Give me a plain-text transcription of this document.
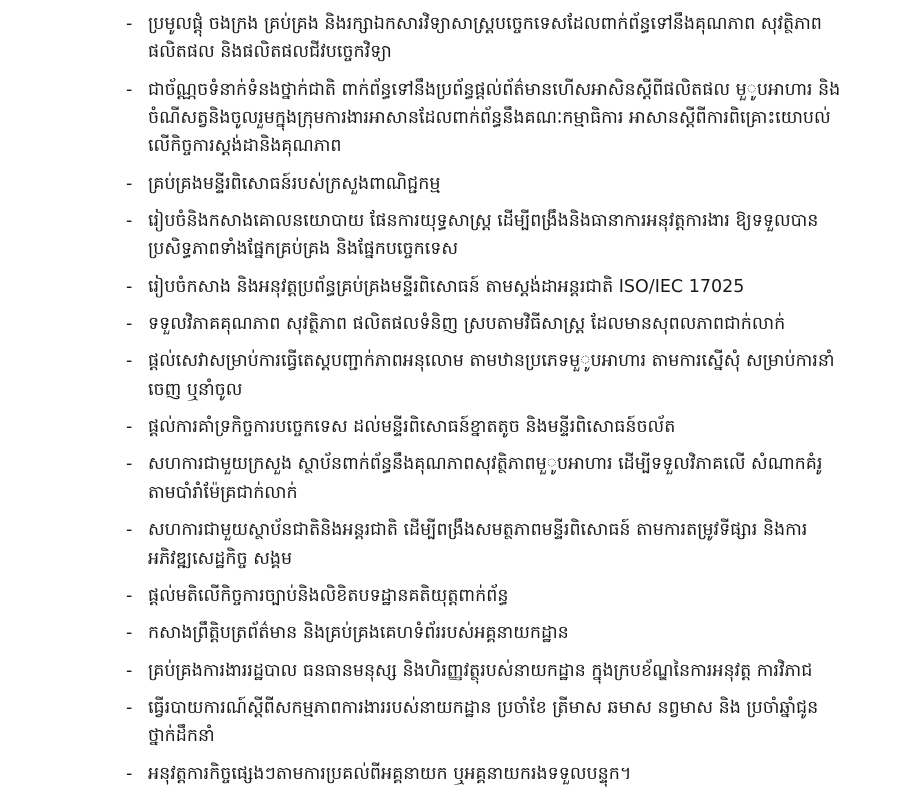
- ប្រមូលផ្តុំ ចងក្រង គ្រប់គ្រង និងរក្សាឯកសារវិទ្យាសាស្ត្របច្ចេកទេសដែលពាក់ព័ន្ធទៅនឹងគុណភាព សុវត្ថិភាពផលិតផល និងផលិតផលជីវបច្ចេកវិទ្យា
- ជាច័ណ្ណចទំនាក់ទំនងថ្នាក់ជាតិ ពាក់ព័ន្ធទៅនឹងប្រព័ន្ធផ្តល់ព័ត៌មានហើសអាសិនស្តីពីផលិតផល មួូបអាហារ និងចំណីសត្វនិងចូលរួមក្នុងក្រុមការងារអាសានដែលពាក់ព័ន្ធនឹងគណៈកម្មាធិការ អាសានស្តីពីការពិគ្រោះយោបល់លើកិច្ចការស្តង់ដានិងគុណភាព
- គ្រប់គ្រងមន្ទីរពិសោធន៍របស់ក្រសួងពាណិជ្ជកម្ម
- រៀបចំនិងកសាងគោលនយោបាយ ផែនការយុទ្ធសាស្ត្រ ដើម្បីពង្រឹងនិងធានាការអនុវត្តការងារ ឱ្យទទួលបានប្រសិទ្ធភាពទាំងផ្នែកគ្រប់គ្រង និងផ្នែកបច្ចេកទេស
- រៀបចំកសាង និងអនុវត្តប្រព័ន្ធគ្រប់គ្រងមន្ទីរពិសោធន៍ តាមស្តង់ដាអន្តរជាតិ ISO/IEC 17025
- ទទួលវិភាគគុណភាព សុវត្ថិភាព ផលិតផលទំនិញ ស្របតាមវិធីសាស្ត្រ ដែលមានសុពលភាពជាក់លាក់
- ផ្តល់សេវាសម្រាប់ការធ្វើតេស្តបញ្ជាក់ភាពអនុលោម តាមឋានប្រភេទមួូបអាហារ តាមការស្នើសុំ សម្រាប់ការនាំចេញ ឬនាំចូល
- ផ្តល់ការគាំទ្រកិច្ចការបច្ចេកទេស ដល់មន្ទីរពិសោធន៍ខ្នាតតូច និងមន្ទីរពិសោធន៍ចល័ត
- សហការជាមួយក្រសួង ស្ថាប័នពាក់ព័ន្ធនឹងគុណភាពសុវត្ថិភាពមួូបអាហារ ដើម្បីទទួលវិភាគលើ សំណាកគំរូ តាមបាំរាំម៉ែគ្រជាក់លាក់
- សហការជាមួយស្ថាប័នជាតិនិងអន្តរជាតិ ដើម្បីពង្រឹងសមត្ថភាពមន្ទីរពិសោធន៍ តាមការតម្រូវទីផ្សារ និងការអភិវឌ្ឍសេដ្ឋកិច្ច សង្គម
- ផ្តល់មតិលើកិច្ចការច្បាប់និងលិខិតបទដ្ឋានគតិយុត្តពាក់ព័ន្ធ
- កសាងព្រឹត្តិបត្រព័ត៌មាន និងគ្រប់គ្រងគេហទំព័ររបស់អគ្គនាយកដ្ឋាន
- គ្រប់គ្រងការងាររដ្ឋបាល ធនធានមនុស្ស និងហិរញ្ញវត្ថុរបស់នាយកដ្ឋាន ក្នុងក្របខ័ណ្ឌនៃការអនុវត្ត ការវិភាជ
- ធ្វើរបាយការណ៍ស្តីពីសកម្មភាពការងាររបស់នាយកដ្ឋាន ប្រចាំខែ ត្រីមាស ឆមាស នព្វមាស និង ប្រចាំឆ្នាំជូនថ្នាក់ដឹកនាំ
- អនុវត្តការកិច្ចផ្សេងៗតាមការប្រគល់ពីអគ្គនាយក ឬអគ្គនាយករងទទួលបន្ទុក។
